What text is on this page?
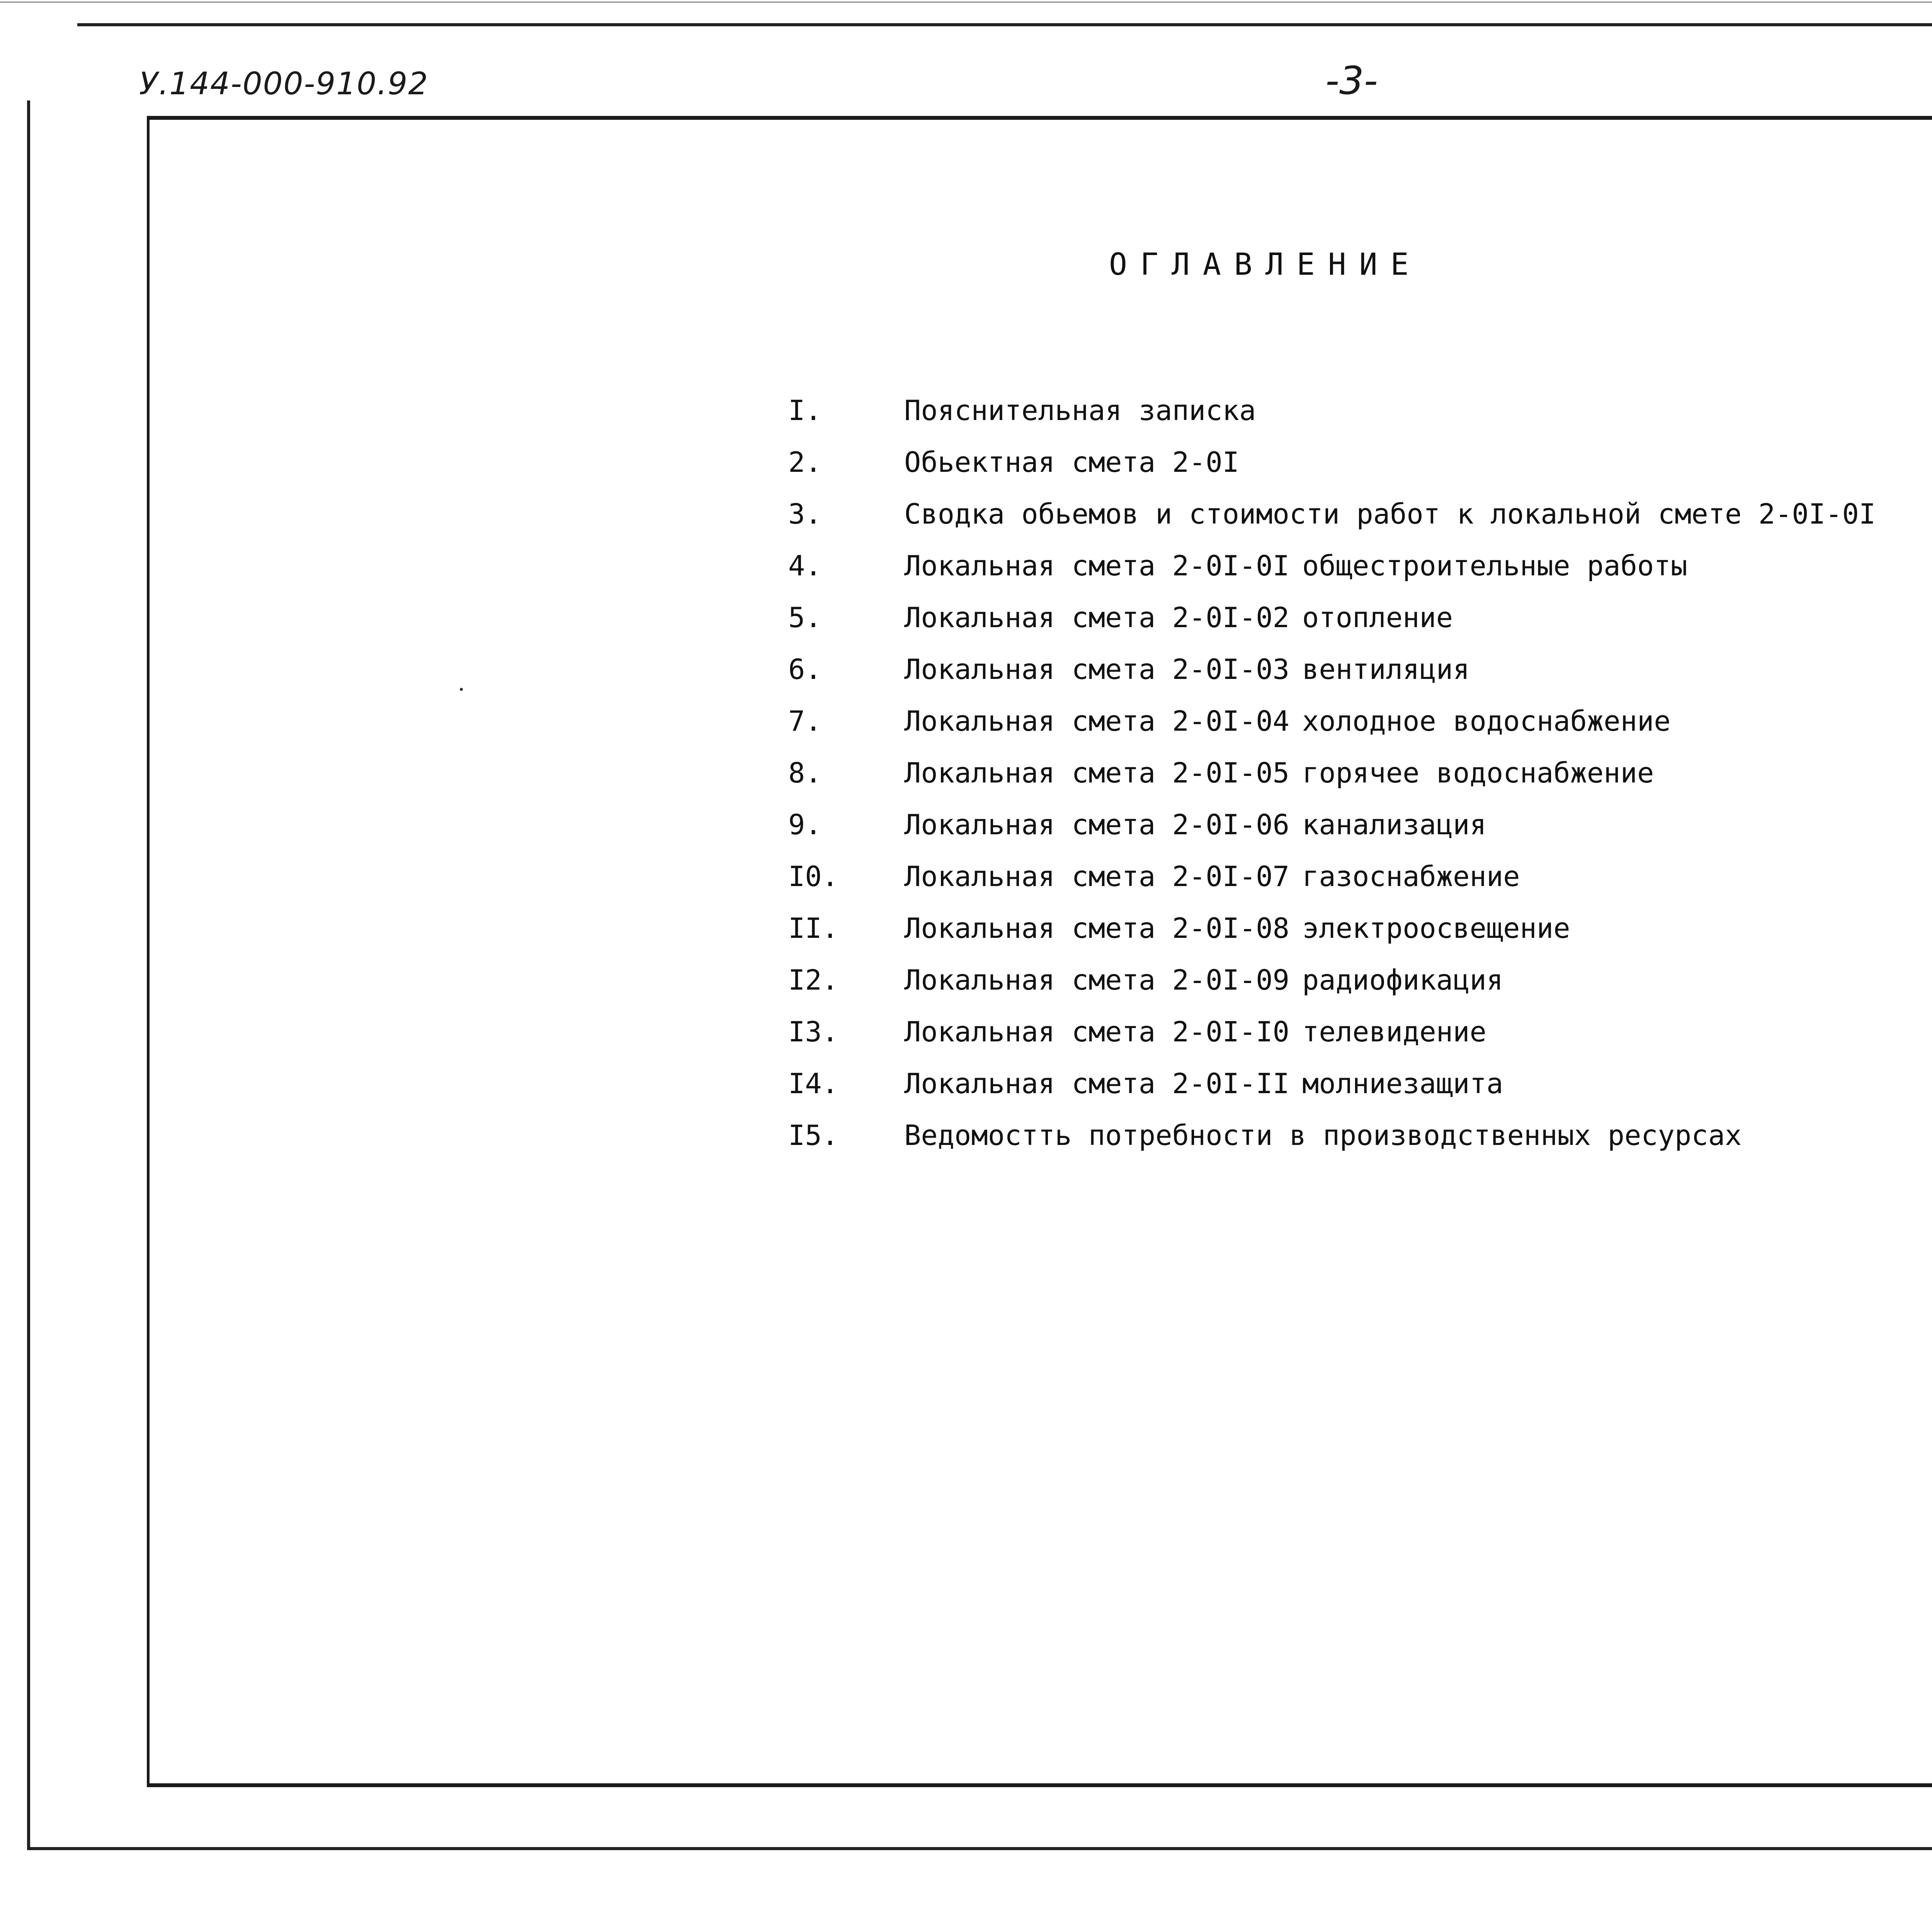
У.144-000-910.92	-3-
ОГЛАВЛЕНИЕ
I.	Пояснительная записка
2.	Обьектная смета 2-0I
3.	Сводка обьемов и стоимости работ к локальной смете 2-0I-0I
4.	Локальная смета 2-0I-0I общестроительные работы
5.	Локальная смета 2-0I-02 отопление
6.	Локальная смета 2-0I-03 вентиляция
7.	Локальная смета 2-0I-04 холодное водоснабжение
8.	Локальная смета 2-0I-05 горячее водоснабжение
9.	Локальная смета 2-0I-06 канализация
I0. Локальная смета 2-0I-07 газоснабжение
II. Локальная смета 2-0I-08 электроосвещение
I2. Локальная смета 2-0I-09 радиофикация
I3. Локальная смета 2-0I-I0 телевидение
I4. Локальная смета 2-0I-II молниезащита
I5. Ведомостть потребности в производственных ресурсах
